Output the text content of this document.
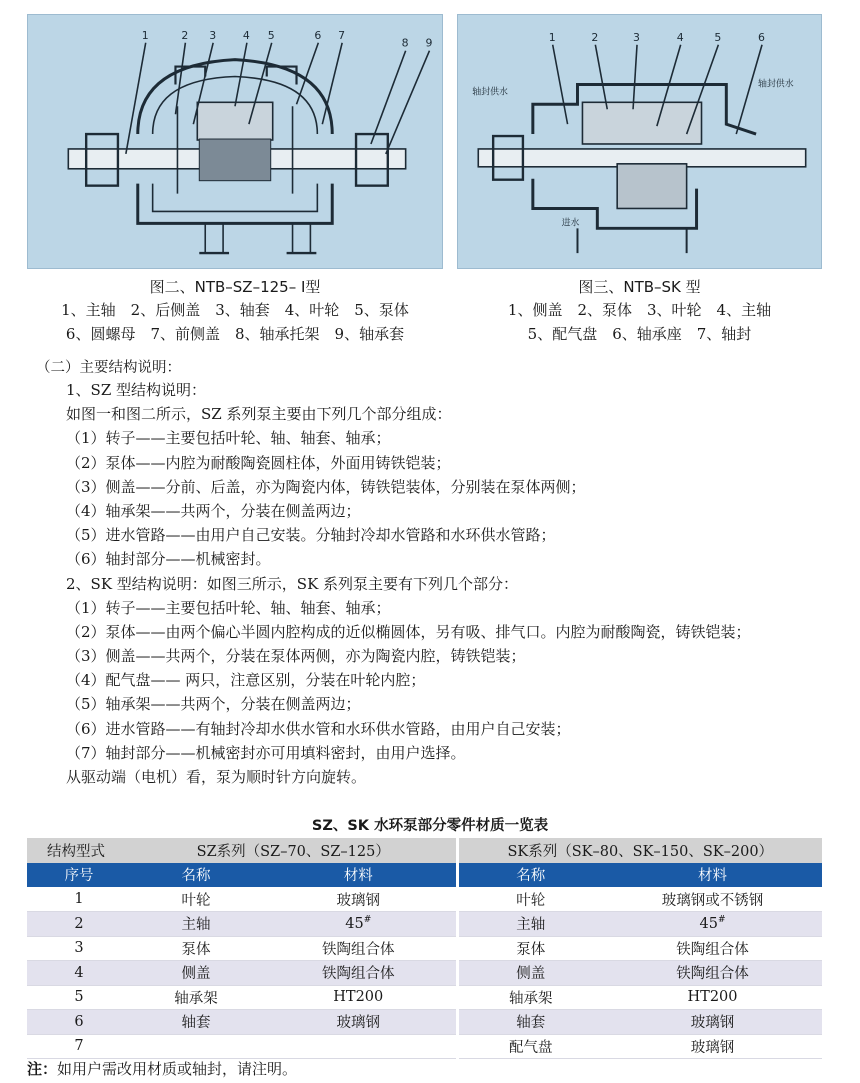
1	2 3 4 5	6 7
8 9	1	2	3	4	5	6
轴封供水
轴封供水
进水
图二、NTB–SZ–125– Ⅰ型	图三、NTB–SK 型
1、主轴　2、后侧盖　3、轴套　4、叶轮　5、泵体
6、圆螺母　7、前侧盖　8、轴承托架　9、轴承套
1、侧盖　2、泵体　3、叶轮　4、主轴
5、配气盘　6、轴承座　7、轴封
（二）主要结构说明：
1、SZ 型结构说明：
如图一和图二所示，SZ 系列泵主要由下列几个部分组成：
（1）转子——主要包括叶轮、轴、轴套、轴承；
（2）泵体——内腔为耐酸陶瓷圆柱体，外面用铸铁铠装；
（3）侧盖——分前、后盖，亦为陶瓷内体，铸铁铠装体，分别装在泵体两侧；
（4）轴承架——共两个，分装在侧盖两边；
（5）进水管路——由用户自己安装。分轴封冷却水管路和水环供水管路；
（6）轴封部分——机械密封。
2、SK 型结构说明：如图三所示，SK 系列泵主要有下列几个部分：
（1）转子——主要包括叶轮、轴、轴套、轴承；
（2）泵体——由两个偏心半圆内腔构成的近似椭圆体，另有吸、排气口。内腔为耐酸陶瓷，铸铁铠装；
（3）侧盖——共两个，分装在泵体两侧，亦为陶瓷内腔，铸铁铠装；
（4）配气盘—— 两只，注意区别，分装在叶轮内腔；
（5）轴承架——共两个，分装在侧盖两边；
（6）进水管路——有轴封冷却水供水管和水环供水管路，由用户自己安装；
（7）轴封部分——机械密封亦可用填料密封，由用户选择。
从驱动端（电机）看，泵为顺时针方向旋转。
SZ、SK 水环泵部分零件材质一览表
结构型式	SZ系列（SZ–70、SZ–125）		SK系列（SK–80、SK–150、SK–200）	
序号	名称	材料	名称	材料
1	叶轮	玻璃钢	叶轮	玻璃钢或不锈钢
2	主轴	45#	主轴	45#
3	泵体	铁陶组合体	泵体	铁陶组合体
4	侧盖	铁陶组合体	侧盖	铁陶组合体
5	轴承架	HT200	轴承架	HT200
6	轴套	玻璃钢	轴套	玻璃钢
7			配气盘	玻璃钢
注：如用户需改用材质或轴封，请注明。
